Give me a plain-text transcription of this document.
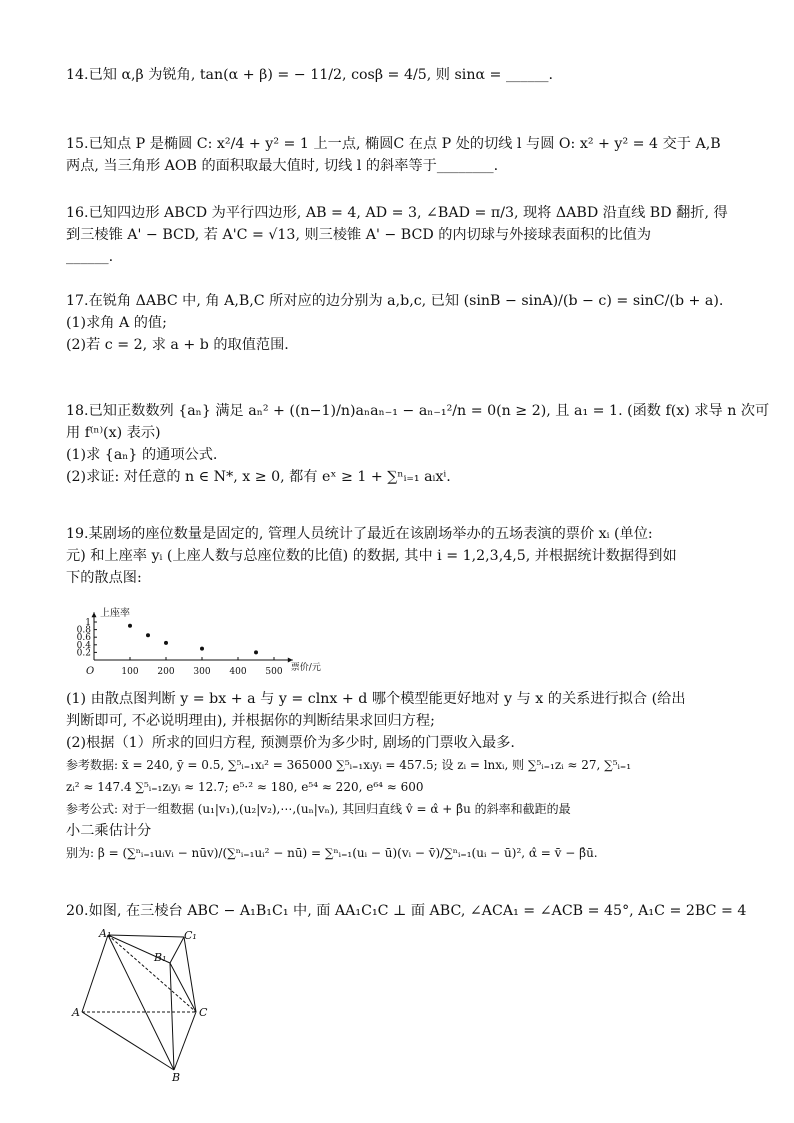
14.已知 α,β 为锐角, tan(α + β) = − 11/2, cosβ = 4/5, 则 sinα = ______.
15.已知点 P 是椭圆 C: x²/4 + y² = 1 上一点, 椭圆C 在点 P 处的切线 l 与圆 O: x² + y² = 4 交于 A,B
两点, 当三角形 AOB 的面积取最大值时, 切线 l 的斜率等于________.
16.已知四边形 ABCD 为平行四边形, AB = 4, AD = 3, ∠BAD = π/3, 现将 ΔABD 沿直线 BD 翻折, 得
到三棱锥 A' − BCD, 若 A'C = √13, 则三棱锥 A' − BCD 的内切球与外接球表面积的比值为
______.
17.在锐角 ΔABC 中, 角 A,B,C 所对应的边分别为 a,b,c, 已知 (sinB − sinA)/(b − c) = sinC/(b + a).
(1)求角 A 的值;
(2)若 c = 2, 求 a + b 的取值范围.
18.已知正数数列 {aₙ} 满足 aₙ² + ((n−1)/n)aₙaₙ₋₁ − aₙ₋₁²/n = 0(n ≥ 2), 且 a₁ = 1. (函数 f(x) 求导 n 次可
用 f⁽ⁿ⁾(x) 表示)
(1)求 {aₙ} 的通项公式.
(2)求证: 对任意的 n ∈ N*, x ≥ 0, 都有 eˣ ≥ 1 + ∑ⁿᵢ₌₁ aᵢxⁱ.
19.某剧场的座位数量是固定的, 管理人员统计了最近在该剧场举办的五场表演的票价 xᵢ (单位:
元) 和上座率 yᵢ (上座人数与总座位数的比值) 的数据, 其中 i = 1,2,3,4,5, 并根据统计数据得到如
下的散点图:
0.2
0.4
0.6
0.8
1
100 200 300 400 500
O
上座率
票价/元
(1) 由散点图判断 y = bx + a 与 y = clnx + d 哪个模型能更好地对 y 与 x 的关系进行拟合 (给出
判断即可, 不必说明理由), 并根据你的判断结果求回归方程;
(2)根据（1）所求的回归方程, 预测票价为多少时, 剧场的门票收入最多.
参考数据: x̄ = 240, ȳ = 0.5, ∑⁵ᵢ₌₁xᵢ² = 365000 ∑⁵ᵢ₌₁xᵢyᵢ = 457.5; 设 zᵢ = lnxᵢ, 则 ∑⁵ᵢ₌₁zᵢ ≈ 27, ∑⁵ᵢ₌₁
zᵢ² ≈ 147.4 ∑⁵ᵢ₌₁zᵢyᵢ ≈ 12.7; e⁵·² ≈ 180, e⁵⁴ ≈ 220, e⁶⁴ ≈ 600
参考公式: 对于一组数据 (u₁|v₁),(u₂|v₂),⋯,(uₙ|vₙ), 其回归直线 v̂ = α̂ + β̂u 的斜率和截距的最
小二乘估计分
别为: β = (∑ⁿᵢ₌₁uᵢvᵢ − nūv)/(∑ⁿᵢ₌₁uᵢ² − nū) = ∑ⁿᵢ₌₁(uᵢ − ū)(vᵢ − v̄)/∑ⁿᵢ₌₁(uᵢ − ū)², α̂ = v̄ − β̂ū.
20.如图, 在三棱台 ABC − A₁B₁C₁ 中, 面 AA₁C₁C ⊥ 面 ABC, ∠ACA₁ = ∠ACB = 45°, A₁C = 2BC = 4
A₁	C₁
B₁
A	C
B
